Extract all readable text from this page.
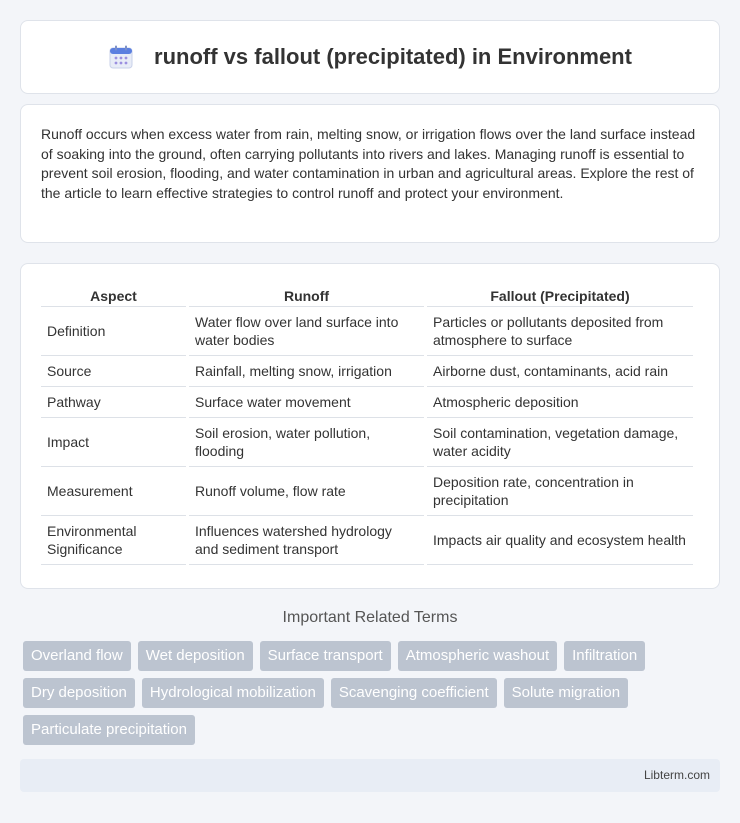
runoff vs fallout (precipitated) in Environment

Runoff occurs when excess water from rain, melting snow, or irrigation flows over the land surface instead of soaking into the ground, often carrying pollutants into rivers and lakes. Managing runoff is essential to prevent soil erosion, flooding, and water contamination in urban and agricultural areas. Explore the rest of the article to learn effective strategies to control runoff and protect your environment.

Aspect	Runoff	Fallout (Precipitated)
Definition	Water flow over land surface into water bodies	Particles or pollutants deposited from atmosphere to surface
Source	Rainfall, melting snow, irrigation	Airborne dust, contaminants, acid rain
Pathway	Surface water movement	Atmospheric deposition
Impact	Soil erosion, water pollution, flooding	Soil contamination, vegetation damage, water acidity
Measurement	Runoff volume, flow rate	Deposition rate, concentration in precipitation
Environmental Significance	Influences watershed hydrology and sediment transport	Impacts air quality and ecosystem health
Important Related Terms
Overland flow	Wet deposition	Surface transport	Atmospheric washout	Infiltration
Dry deposition	Hydrological mobilization	Scavenging coefficient	Solute migration
Particulate precipitation
Libterm.com
